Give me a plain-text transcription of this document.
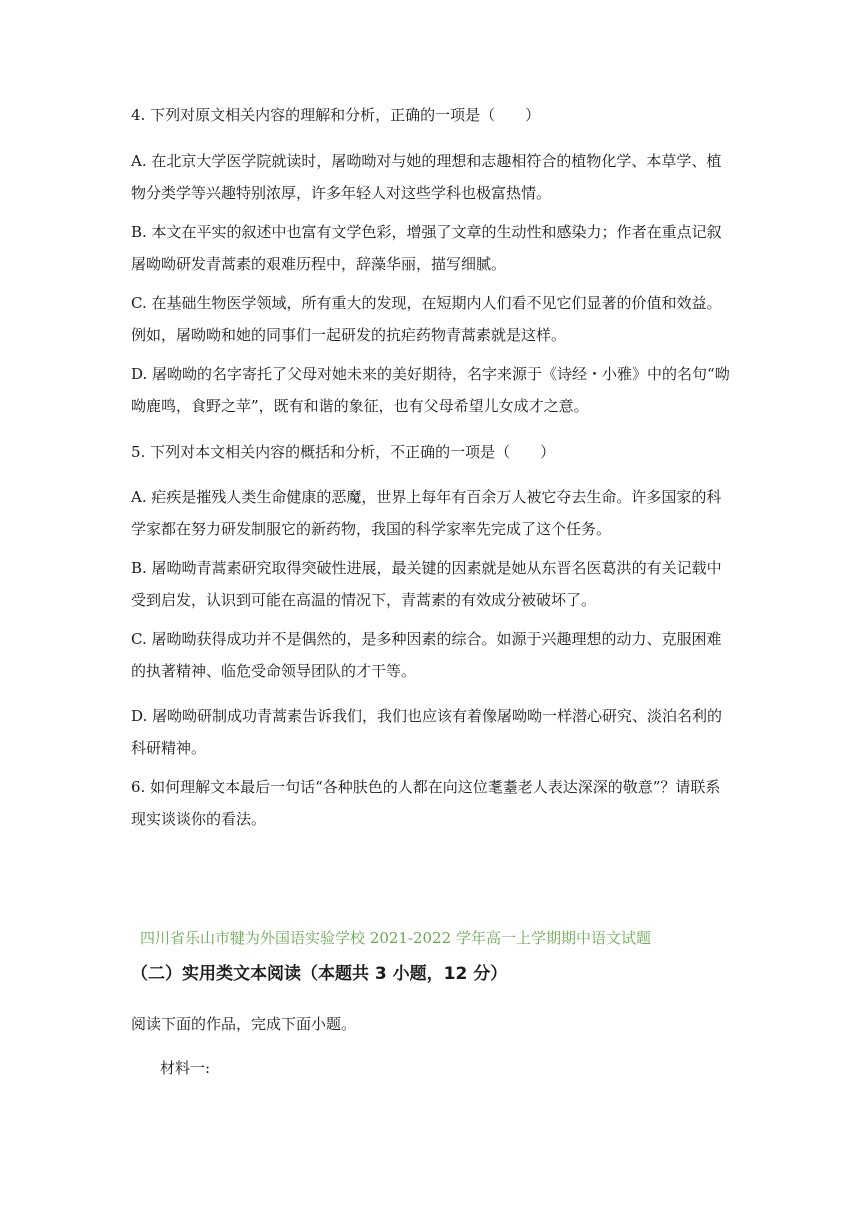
4. 下列对原文相关内容的理解和分析，正确的一项是（　　）

A. 在北京大学医学院就读时，屠呦呦对与她的理想和志趣相符合的植物化学、本草学、植物分类学等兴趣特别浓厚，许多年轻人对这些学科也极富热情。

B. 本文在平实的叙述中也富有文学色彩，增强了文章的生动性和感染力；作者在重点记叙屠呦呦研发青蒿素的艰难历程中，辞藻华丽，描写细腻。

C. 在基础生物医学领域，所有重大的发现，在短期内人们看不见它们显著的价值和效益。例如，屠呦呦和她的同事们一起研发的抗疟药物青蒿素就是这样。

D. 屠呦呦的名字寄托了父母对她未来的美好期待，名字来源于《诗经・小雅》中的名句“呦呦鹿鸣，食野之苹”，既有和谐的象征，也有父母希望儿女成才之意。

5. 下列对本文相关内容的概括和分析，不正确的一项是（　　）

A. 疟疾是摧残人类生命健康的恶魔，世界上每年有百余万人被它夺去生命。许多国家的科学家都在努力研发制服它的新药物，我国的科学家率先完成了这个任务。

B. 屠呦呦青蒿素研究取得突破性进展，最关键的因素就是她从东晋名医葛洪的有关记载中受到启发，认识到可能在高温的情况下，青蒿素的有效成分被破坏了。

C. 屠呦呦获得成功并不是偶然的，是多种因素的综合。如源于兴趣理想的动力、克服困难的执著精神、临危受命领导团队的才干等。

D. 屠呦呦研制成功青蒿素告诉我们，我们也应该有着像屠呦呦一样潜心研究、淡泊名利的科研精神。

6. 如何理解文本最后一句话“各种肤色的人都在向这位耄耋老人表达深深的敬意”？请联系现实谈谈你的看法。

四川省乐山市犍为外国语实验学校 2021-2022 学年高一上学期期中语文试题

（二）实用类文本阅读（本题共 3 小题，12 分）

阅读下面的作品，完成下面小题。

材料一:
